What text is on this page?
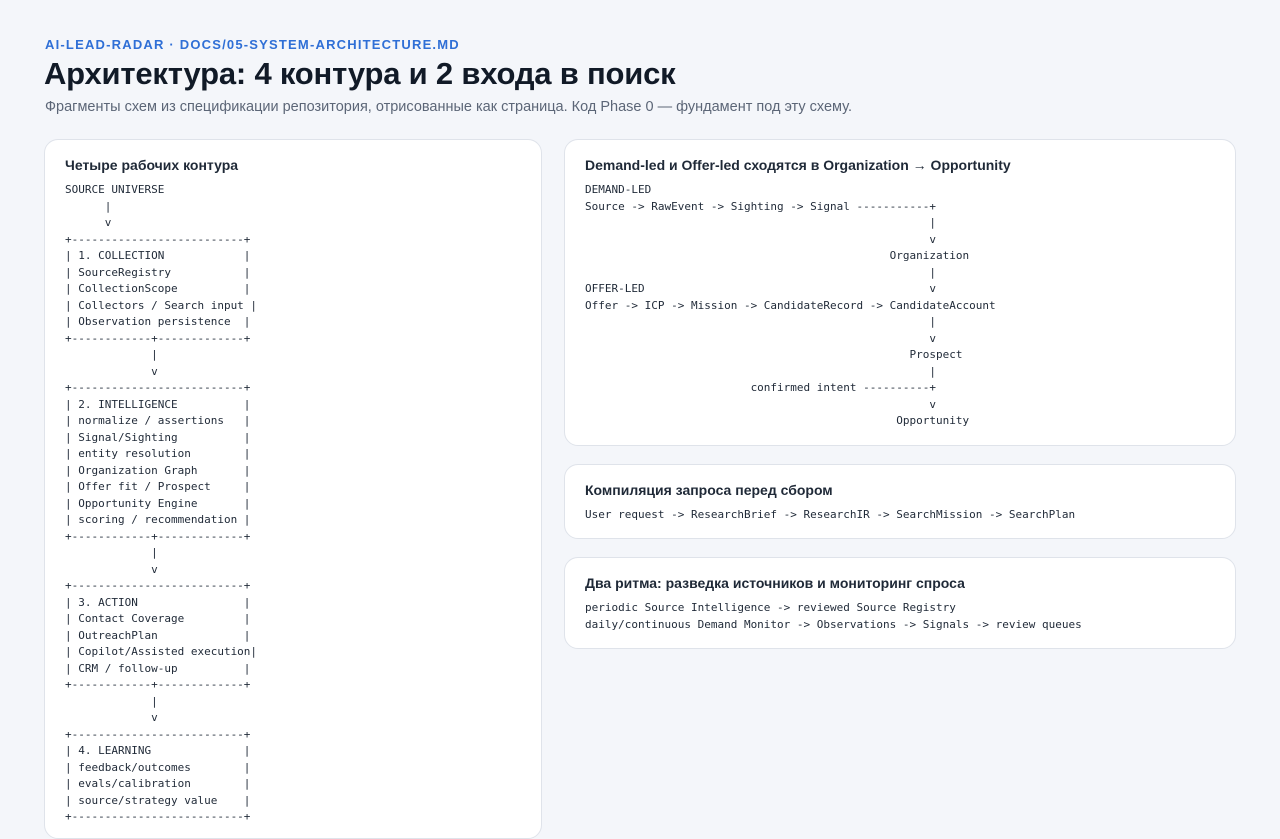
AI-LEAD-RADAR · DOCS/05-SYSTEM-ARCHITECTURE.MD
Архитектура: 4 контура и 2 входа в поиск
Фрагменты схем из спецификации репозитория, отрисованные как страница. Код Phase 0 — фундамент под эту схему.
Четыре рабочих контура
SOURCE UNIVERSE
|
v
+--------------------------+
| 1. COLLECTION            |
| SourceRegistry           |
| CollectionScope          |
| Collectors / Search input |
| Observation persistence  |
+------------+-------------+
|
v
+--------------------------+
| 2. INTELLIGENCE          |
| normalize / assertions   |
| Signal/Sighting          |
| entity resolution        |
| Organization Graph       |
| Offer fit / Prospect     |
| Opportunity Engine       |
| scoring / recommendation |
+------------+-------------+
|
v
+--------------------------+
| 3. ACTION                |
| Contact Coverage         |
| OutreachPlan             |
| Copilot/Assisted execution|
| CRM / follow-up          |
+------------+-------------+
|
v
+--------------------------+
| 4. LEARNING              |
| feedback/outcomes        |
| evals/calibration        |
| source/strategy value    |
+--------------------------+
Demand-led и Offer-led сходятся в Organization → Opportunity
DEMAND-LED
Source -> RawEvent -> Sighting -> Signal -----------+
|
v
Organization
|
OFFER-LED                                           v
Offer -> ICP -> Mission -> CandidateRecord -> CandidateAccount
|
v
Prospect
|
confirmed intent ----------+
v
Opportunity
Компиляция запроса перед сбором
User request -> ResearchBrief -> ResearchIR -> SearchMission -> SearchPlan
Два ритма: разведка источников и мониторинг спроса
periodic Source Intelligence -> reviewed Source Registry
daily/continuous Demand Monitor -> Observations -> Signals -> review queues
